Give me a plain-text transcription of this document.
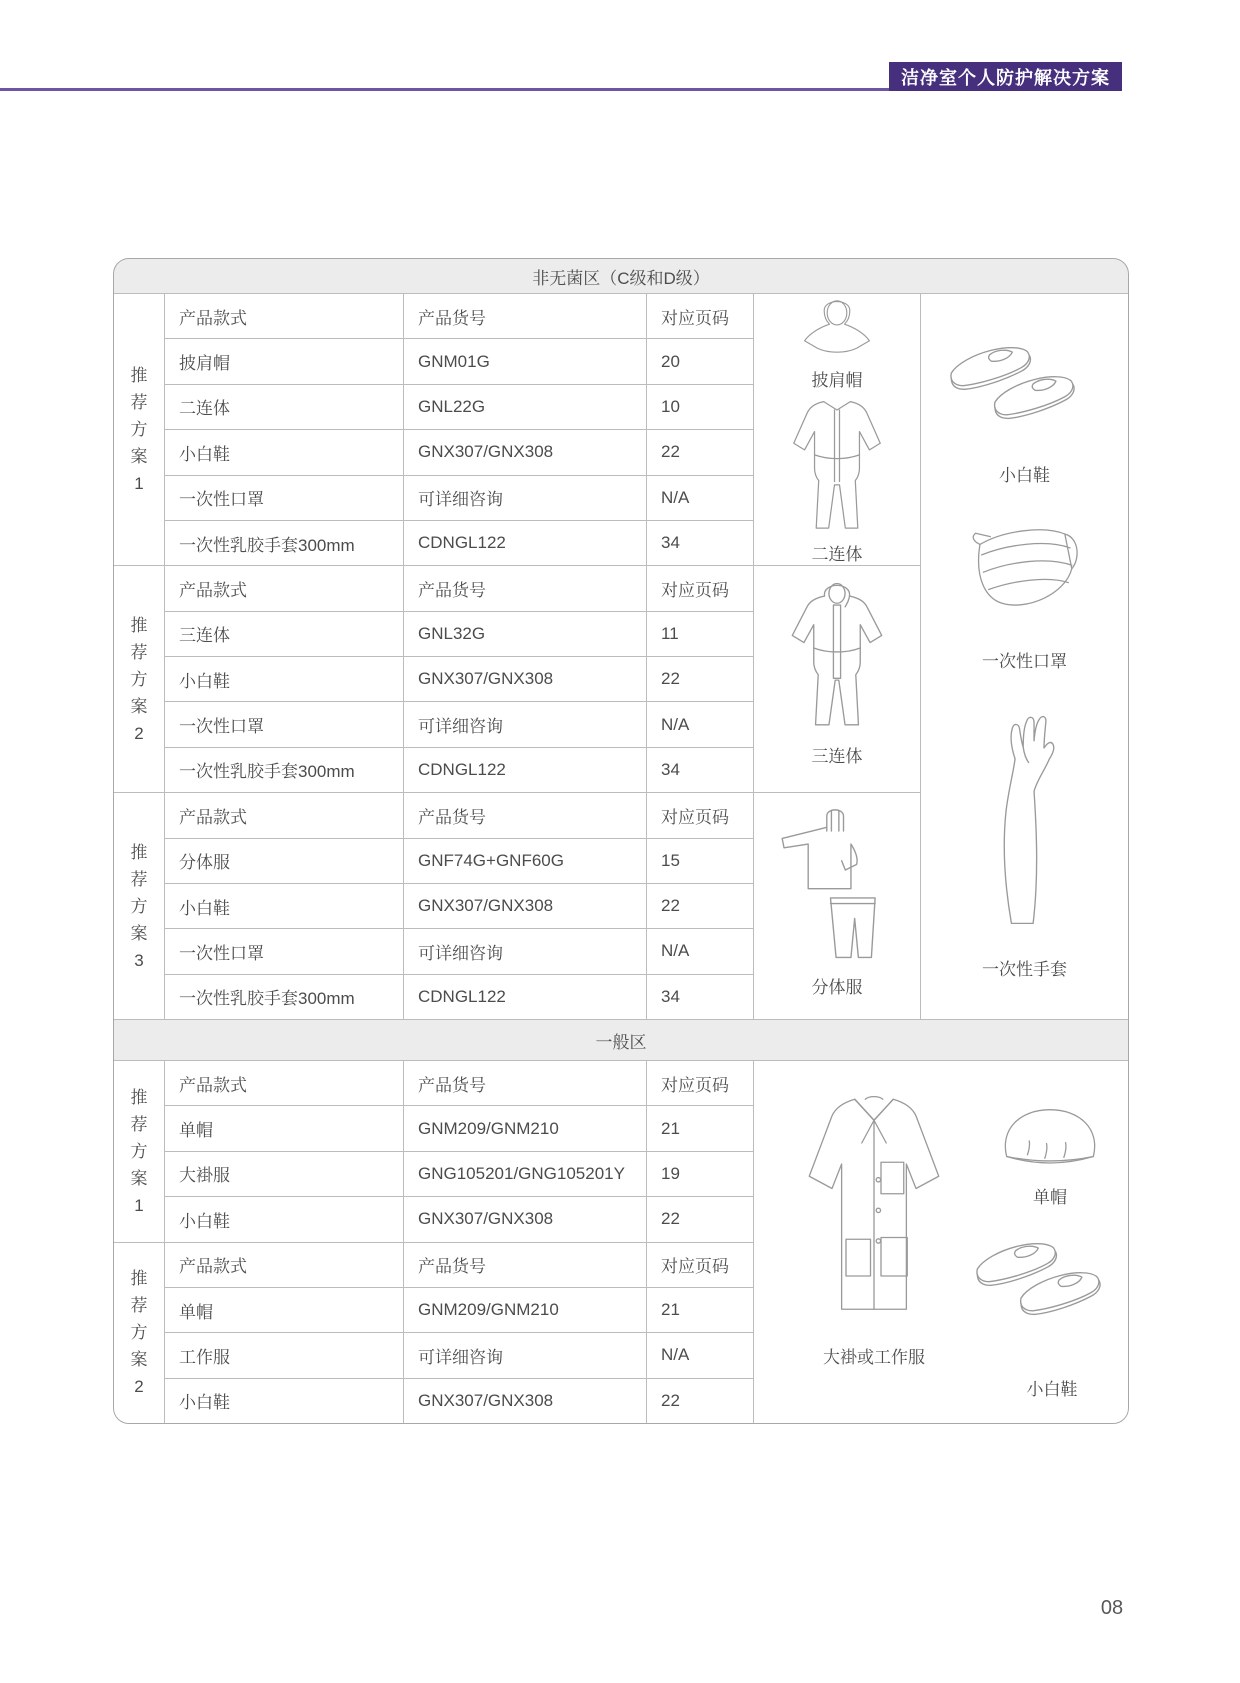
洁净室个人防护解决方案
非无菌区（C级和D级）
推荐方案1
产品款式	产品货号	对应页码
披肩帽	GNM01G	20
二连体	GNL22G	10
小白鞋	GNX307/GNX308	22
一次性口罩	可详细咨询	N/A
一次性乳胶手套300mm	CDNGL122	34
推荐方案2
产品款式	产品货号	对应页码
三连体	GNL32G	11
小白鞋	GNX307/GNX308	22
一次性口罩	可详细咨询	N/A
一次性乳胶手套300mm	CDNGL122	34
推荐方案3
产品款式	产品货号	对应页码
分体服	GNF74G+GNF60G	15
小白鞋	GNX307/GNX308	22
一次性口罩	可详细咨询	N/A
一次性乳胶手套300mm	CDNGL122	34
披肩帽
二连体
三连体
分体服
小白鞋
一次性口罩
一次性手套
一般区
推荐方案1
产品款式	产品货号	对应页码
单帽	GNM209/GNM210	21
大褂服	GNG105201/GNG105201Y	19
小白鞋	GNX307/GNX308	22
推荐方案2
产品款式	产品货号	对应页码
单帽	GNM209/GNM210	21
工作服	可详细咨询	N/A
小白鞋	GNX307/GNX308	22
单帽
大褂或工作服
小白鞋
08
